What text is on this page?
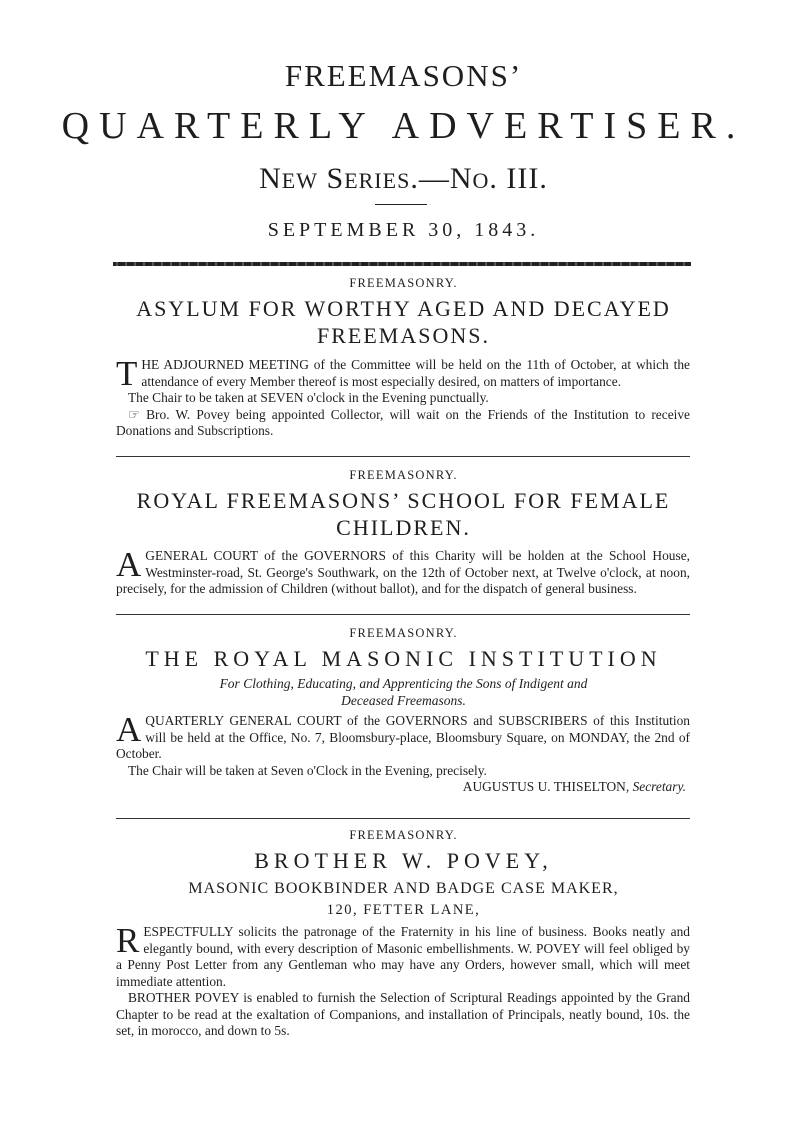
FREEMASONS’
QUARTERLY ADVERTISER.
NEW SERIES.—NO. III.
SEPTEMBER 30, 1843.
FREEMASONRY.
ASYLUM FOR WORTHY AGED AND DECAYED
FREEMASONS.

THE ADJOURNED MEETING of the Committee will be held on the 11th of October, at which the attendance of every Member thereof is most especially desired, on matters of importance.

The Chair to be taken at SEVEN o'clock in the Evening punctually.

☞ Bro. W. Povey being appointed Collector, will wait on the Friends of the Institution to receive Donations and Subscriptions.

FREEMASONRY.
ROYAL FREEMASONS’ SCHOOL FOR FEMALE
CHILDREN.

AGENERAL COURT of the GOVERNORS of this Charity will be holden at the School House, Westminster-road, St. George's Southwark, on the 12th of October next, at Twelve o'clock, at noon, precisely, for the admission of Children (without ballot), and for the dispatch of general business.

FREEMASONRY.
THE ROYAL MASONIC INSTITUTION
For Clothing, Educating, and Apprenticing the Sons of Indigent and
Deceased Freemasons.

AQUARTERLY GENERAL COURT of the GOVERNORS and SUBSCRIBERS of this Institution will be held at the Office, No. 7, Bloomsbury-place, Bloomsbury Square, on MONDAY, the 2nd of October.

The Chair will be taken at Seven o'Clock in the Evening, precisely.

AUGUSTUS U. THISELTON, Secretary.

FREEMASONRY.
BROTHER W. POVEY,
MASONIC BOOKBINDER AND BADGE CASE MAKER,
120, FETTER LANE,

RESPECTFULLY solicits the patronage of the Fraternity in his line of business. Books neatly and elegantly bound, with every description of Masonic embellishments. W. POVEY will feel obliged by a Penny Post Letter from any Gentleman who may have any Orders, however small, which will meet immediate attention.

BROTHER POVEY is enabled to furnish the Selection of Scriptural Readings appointed by the Grand Chapter to be read at the exaltation of Companions, and installation of Principals, neatly bound, 10s. the set, in morocco, and down to 5s.
